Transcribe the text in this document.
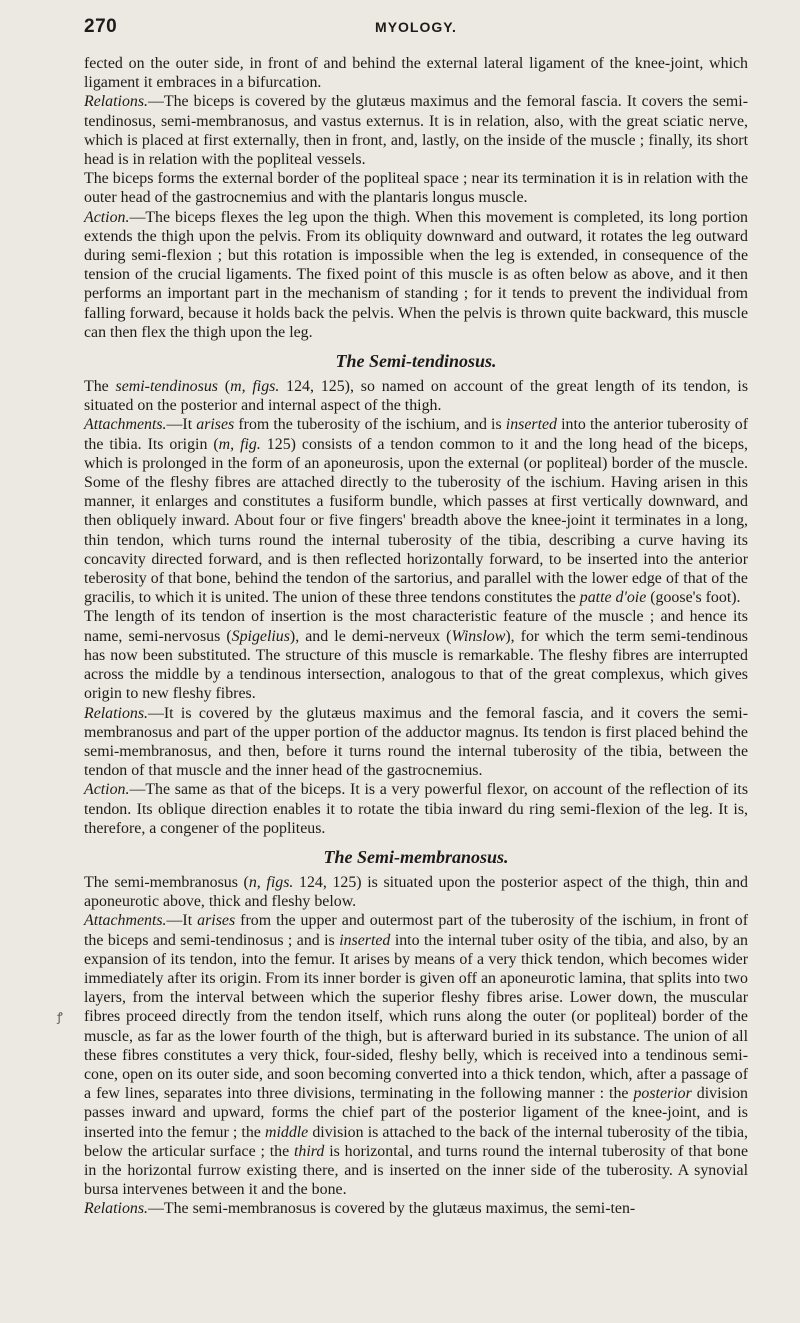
270	MYOLOGY.

fected on the outer side, in front of and behind the external lateral ligament of the knee-joint, which ligament it embraces in a bifurcation.

Relations.—The biceps is covered by the glutæus maximus and the femoral fascia. It covers the semi-tendinosus, semi-membranosus, and vastus externus. It is in relation, also, with the great sciatic nerve, which is placed at first externally, then in front, and, lastly, on the inside of the muscle ; finally, its short head is in relation with the popliteal vessels.

The biceps forms the external border of the popliteal space ; near its termination it is in relation with the outer head of the gastrocnemius and with the plantaris longus muscle.

Action.—The biceps flexes the leg upon the thigh. When this movement is completed, its long portion extends the thigh upon the pelvis. From its obliquity downward and outward, it rotates the leg outward during semi-flexion ; but this rotation is impossible when the leg is extended, in consequence of the tension of the crucial ligaments. The fixed point of this muscle is as often below as above, and it then performs an important part in the mechanism of standing ; for it tends to prevent the individual from falling forward, because it holds back the pelvis. When the pelvis is thrown quite backward, this muscle can then flex the thigh upon the leg.

The Semi-tendinosus.

The semi-tendinosus (m, figs. 124, 125), so named on account of the great length of its tendon, is situated on the posterior and internal aspect of the thigh.

Attachments.—It arises from the tuberosity of the ischium, and is inserted into the anterior tuberosity of the tibia. Its origin (m, fig. 125) consists of a tendon common to it and the long head of the biceps, which is prolonged in the form of an aponeurosis, upon the external (or popliteal) border of the muscle. Some of the fleshy fibres are attached directly to the tuberosity of the ischium. Having arisen in this manner, it enlarges and constitutes a fusiform bundle, which passes at first vertically downward, and then obliquely inward. About four or five fingers' breadth above the knee-joint it terminates in a long, thin tendon, which turns round the internal tuberosity of the tibia, describing a curve having its concavity directed forward, and is then reflected horizontally forward, to be inserted into the anterior teberosity of that bone, behind the tendon of the sartorius, and parallel with the lower edge of that of the gracilis, to which it is united. The union of these three tendons constitutes the patte d'oie (goose's foot).

The length of its tendon of insertion is the most characteristic feature of the muscle ; and hence its name, semi-nervosus (Spigelius), and le demi-nerveux (Winslow), for which the term semi-tendinous has now been substituted. The structure of this muscle is remarkable. The fleshy fibres are interrupted across the middle by a tendinous intersection, analogous to that of the great complexus, which gives origin to new fleshy fibres.

Relations.—It is covered by the glutæus maximus and the femoral fascia, and it covers the semi-membranosus and part of the upper portion of the adductor magnus. Its tendon is first placed behind the semi-membranosus, and then, before it turns round the internal tuberosity of the tibia, between the tendon of that muscle and the inner head of the gastrocnemius.

Action.—The same as that of the biceps. It is a very powerful flexor, on account of the reflection of its tendon. Its oblique direction enables it to rotate the tibia inward du ring semi-flexion of the leg. It is, therefore, a congener of the popliteus.

The Semi-membranosus.

The semi-membranosus (n, figs. 124, 125) is situated upon the posterior aspect of the thigh, thin and aponeurotic above, thick and fleshy below.

Attachments.—It arises from the upper and outermost part of the tuberosity of the ischium, in front of the biceps and semi-tendinosus ; and is inserted into the internal tuber osity of the tibia, and also, by an expansion of its tendon, into the femur. It arises by means of a very thick tendon, which becomes wider immediately after its origin. From its inner border is given off an aponeurotic lamina, that splits into two layers, from the interval between which the superior fleshy fibres arise. Lower down, the muscular fibres proceed directly from the tendon itself, which runs along the outer (or popliteal) border of the muscle, as far as the lower fourth of the thigh, but is afterward buried in its substance. The union of all these fibres constitutes a very thick, four-sided, fleshy belly, which is received into a tendinous semi-cone, open on its outer side, and soon becoming converted into a thick tendon, which, after a passage of a few lines, separates into three divisions, terminating in the following manner : the posterior division passes inward and upward, forms the chief part of the posterior ligament of the knee-joint, and is inserted into the femur ; the middle division is attached to the back of the internal tuberosity of the tibia, below the articular surface ; the third is horizontal, and turns round the internal tuberosity of that bone in the horizontal furrow existing there, and is inserted on the inner side of the tuberosity. A synovial bursa intervenes between it and the bone.

Relations.—The semi-membranosus is covered by the glutæus maximus, the semi-ten-

ꝭ
